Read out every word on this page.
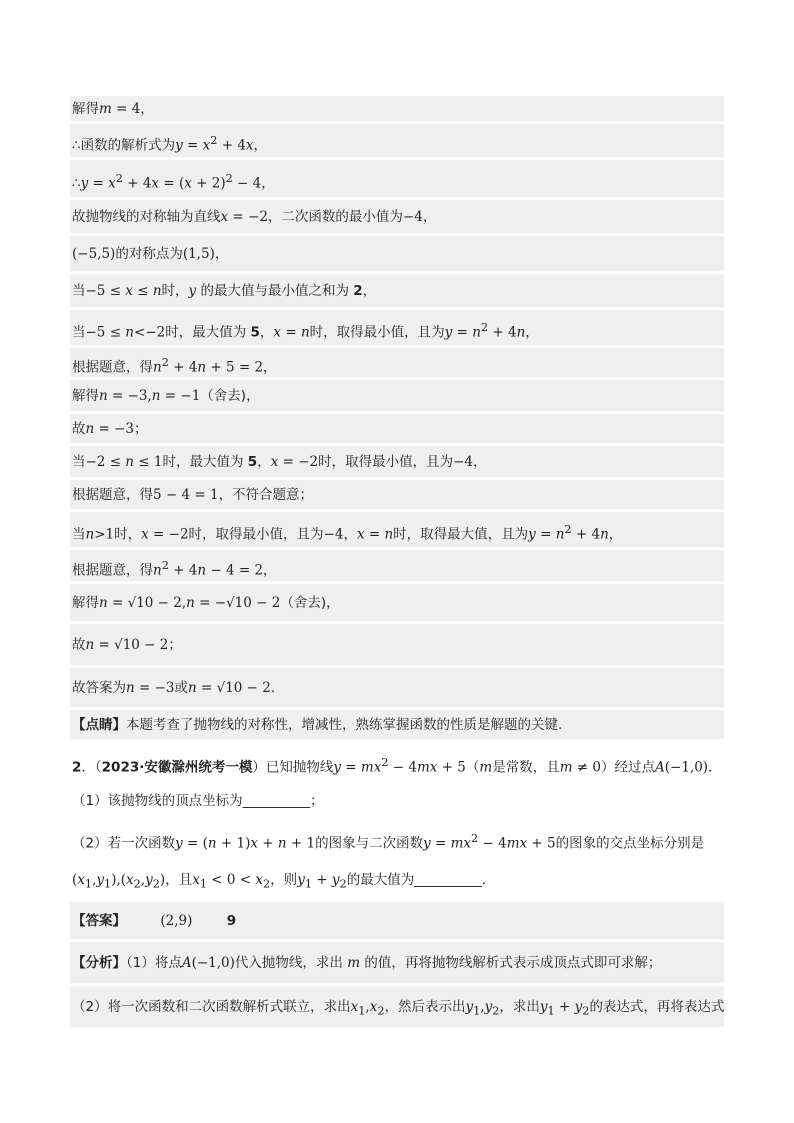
解得m = 4，
∴函数的解析式为$y = x^2 + 4x$，
∴y = $x^2 + 4x = (x + 2)^2 - 4$，
故抛物线的对称轴为直线x = −2，二次函数的最小值为−4，
(−5,5)的对称点为(1,5)，
当−5 ≤ x ≤ n时，y 的最大值与最小值之和为 2，
当−5 ≤ n<−2时，最大值为 5，x = n时，取得最小值，且为$y = n^2 + 4n$，
根据题意，得$n^2 + 4n + 5 = 2$，
解得n = −3,n = −1（舍去)，
故n = −3；
当−2 ≤ n ≤ 1时，最大值为 5，x = −2时，取得最小值，且为−4，
根据题意，得5 − 4 = 1，不符合题意；
当n>1时，x = −2时，取得最小值，且为−4，x = n时，取得最大值，且为$y = n^2 + 4n$，
根据题意，得$n^2 + 4n - 4 = 2$，
解得n = √10 − 2,n = −√10 − 2（舍去)，
故n = √10 − 2；
故答案为n = −3或n = √10 − 2.
【点睛】本题考查了抛物线的对称性，增减性，熟练掌握函数的性质是解题的关键.
2．（2023·安徽滁州统考一模）已知抛物线$y = mx^2 - 4mx + 5(m$是常数，且m ≠ 0）经过点A(−1,0)．
（1）该抛物线的顶点坐标为__________；
（2）若一次函数y = (n + 1)x + n + 1的图象与二次函数$y = mx^2 - 4mx + 5$的图象的交点坐标分别是
$(x_1,y_1),(x_2,y_2)$，且$x_1 < 0 < x_2$，则$y_1 + y_2$的最大值为__________．
【答案】	(2,9)	9
【分析】（1）将点A(−1,0)代入抛物线，求出 m 的值，再将抛物线解析式表示成顶点式即可求解；
（2）将一次函数和二次函数解析式联立，求出$x_1,x_2$，然后表示出$y_1,y_2$，求出$y_1 + y_2$的表达式，再将表达式
